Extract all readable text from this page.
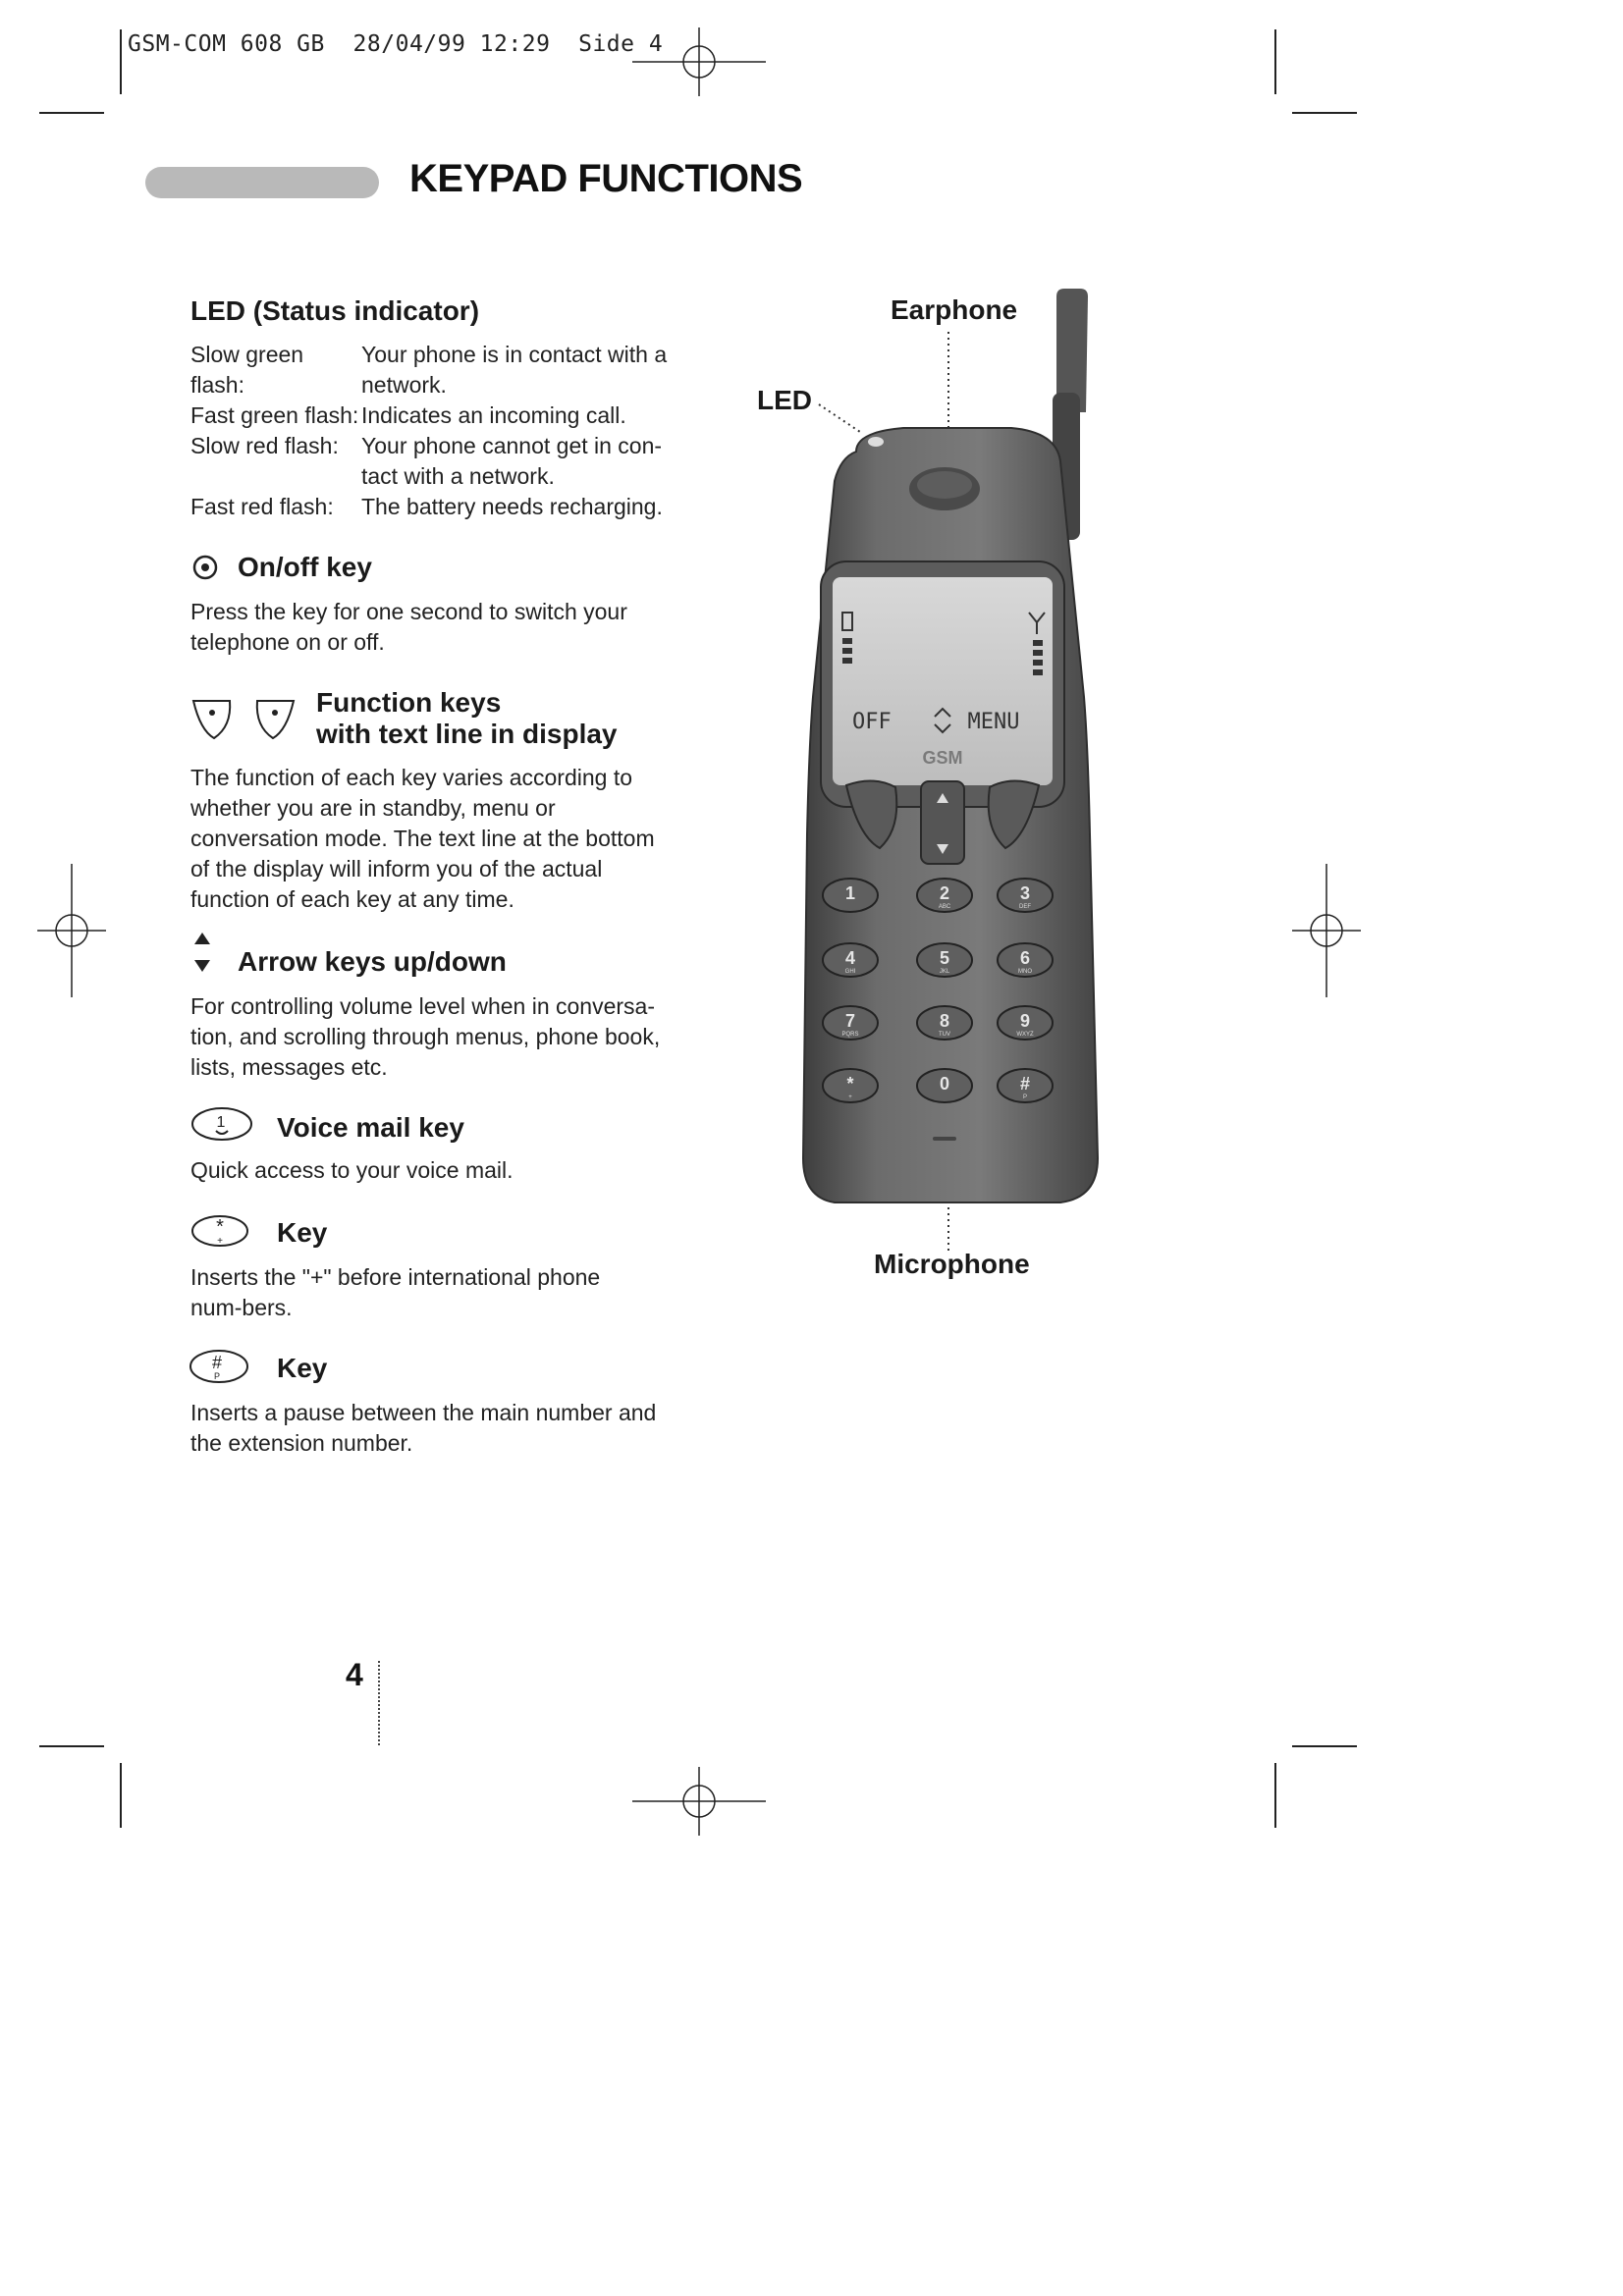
GSM-COM 608 GB  28/04/99 12:29  Side 4
KEYPAD FUNCTIONS
LED (Status indicator)
Slow green flash:Your phone is in contact with a network.
Fast green flash: Indicates an incoming call.
Slow red flash: Your phone cannot get in con-tact with a network.
Fast red flash: The battery needs recharging.
On/off key
Press the key for one second to switch your telephone on or off.
Function keys
with text line in display
The function of each key varies according to whether you are in standby, menu or conversation mode. The text line at the bottom of the display will inform you of the actual function of each key at any time.
Arrow keys up/down
For controlling volume level when in conversa-tion, and scrolling through menus, phone book, lists, messages etc.
1 Voice mail key
Quick access to your voice mail.
*
+ Key
Inserts the "+" before international phone num-bers.
#
P Key
Inserts a pause between the main number and the extension number.
Earphone
LED
Microphone
OFF	MENU
GSM
1	2
ABC
3
DEF
4
GHI
5
JKL
6
MNO
7
PQRS
8
TUV
9
WXYZ
*
+
0	#
P
4
